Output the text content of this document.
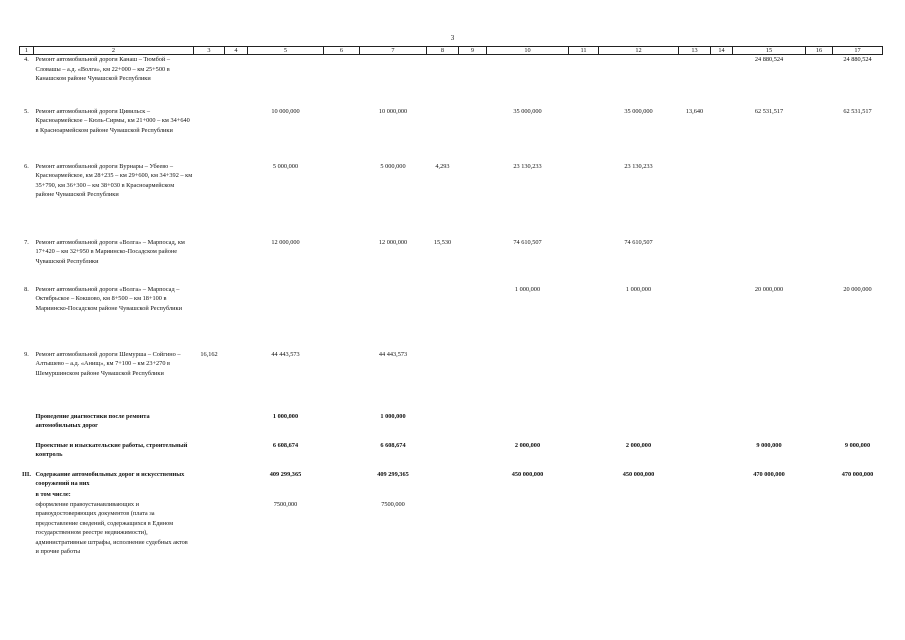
3
1	2	3	4	5	6	7	8	9	10	11	12	13	14	15	16	17
4.	Ремонт автомобильной дороги Канаш – Тюмбой – Словашы – а.д. «Волга», км 22+000 – км 25+500 в Канашском районе Чувашской Республики													24 880,524		24 880,524
5.	Ремонт автомобильной дороги Цивильск – Красноармейское – Кюль-Сирмы, км 21+000 – км 34+640 в Красноармейском районе Чувашской Республики			10 000,000		10 000,000			35 000,000		35 000,000	13,640		62 531,517		62 531,517
6.	Ремонт автомобильной дороги Вурнары – Убеево – Красноармейское, км 28+235 – км 29+600, км 34+392 – км 35+790, км 36+300 – км 38+030 в Красноармейском районе Чувашской Республики			5 000,000		5 000,000	4,293		23 130,233		23 130,233					
7.	Ремонт автомобильной дороги «Волга» – Марпосад, км 17+420 – км 32+950 в Мариинско-Посадском районе Чувашской Республики			12 000,000		12 000,000	15,530		74 610,507		74 610,507					
8.	Ремонт автомобильной дороги «Волга» – Марпосад – Октябрьское – Кокшово, км 8+500 – км 18+100 в Мариинско-Посадском районе Чувашской Республики								1 000,000		1 000,000			20 000,000		20 000,000
9.	Ремонт автомобильной дороги Шемурша – Сойгино – Алтышево – а.д. «Анищ», км 7+100 – км 23+270 в Шемуршинском районе Чувашской Республики	16,162		44 443,573		44 443,573										
	Проведение диагностики после ремонта автомобильных дорог			1 000,000		1 000,000										
	Проектные и изыскательские работы, строительный контроль			6 608,674		6 608,674			2 000,000		2 000,000			9 000,000		9 000,000
III.	Содержание автомобильных дорог и искусственных сооружений на них			409 299,365		409 299,365			450 000,000		450 000,000			470 000,000		470 000,000
	в том числе:															
	оформление правоустанавливающих и правоудостоверяющих документов (плата за предоставление сведений, содержащихся в Едином государственном реестре недвижимости), административные штрафы, исполнение судебных актов и прочие работы			7500,000		7500,000										
